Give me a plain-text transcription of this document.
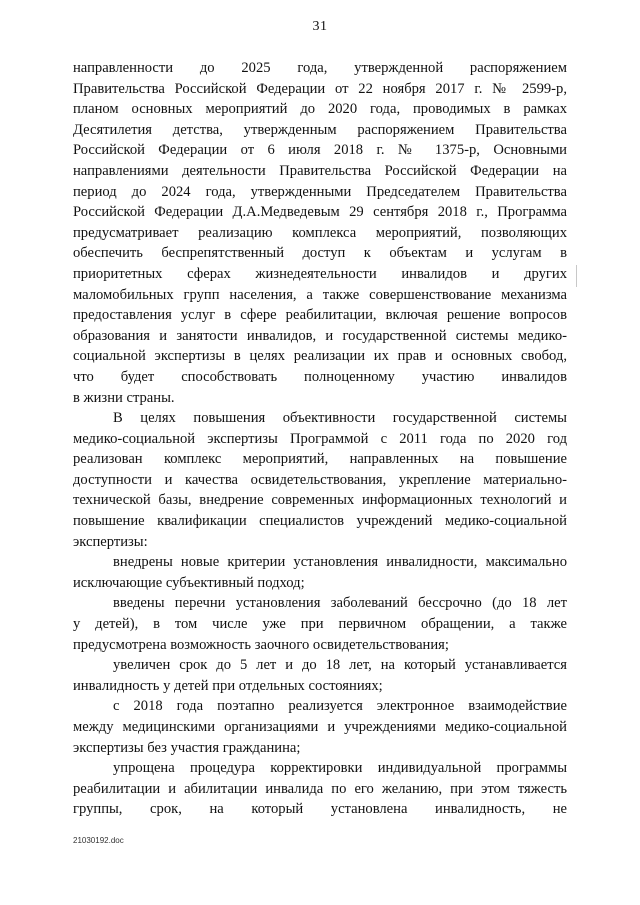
31
направленности до 2025 года, утвержденной распоряжением
Правительства Российской Федерации от 22 ноября 2017 г. № 2599-р,
планом основных мероприятий до 2020 года, проводимых в рамках
Десятилетия детства, утвержденным распоряжением Правительства
Российской Федерации от 6 июля 2018 г. № 1375-р, Основными
направлениями деятельности Правительства Российской Федерации на
период до 2024 года, утвержденными Председателем Правительства
Российской Федерации Д.А.Медведевым 29 сентября 2018 г., Программа
предусматривает реализацию комплекса мероприятий, позволяющих
обеспечить беспрепятственный доступ к объектам и услугам в
приоритетных сферах жизнедеятельности инвалидов и других
маломобильных групп населения, а также совершенствование механизма
предоставления услуг в сфере реабилитации, включая решение вопросов
образования и занятости инвалидов, и государственной системы медико-
социальной экспертизы в целях реализации их прав и основных свобод,
что будет способствовать полноценному участию инвалидов
в жизни страны.
В целях повышения объективности государственной системы
медико-социальной экспертизы Программой с 2011 года по 2020 год
реализован комплекс мероприятий, направленных на повышение
доступности и качества освидетельствования, укрепление материально-
технической базы, внедрение современных информационных технологий и
повышение квалификации специалистов учреждений медико-социальной
экспертизы:
внедрены новые критерии установления инвалидности, максимально
исключающие субъективный подход;
введены перечни установления заболеваний бессрочно (до 18 лет
у детей), в том числе уже при первичном обращении, а также
предусмотрена возможность заочного освидетельствования;
увеличен срок до 5 лет и до 18 лет, на который устанавливается
инвалидность у детей при отдельных состояниях;
с 2018 года поэтапно реализуется электронное взаимодействие
между медицинскими организациями и учреждениями медико-социальной
экспертизы без участия гражданина;
упрощена процедура корректировки индивидуальной программы
реабилитации и абилитации инвалида по его желанию, при этом тяжесть
группы, срок, на который установлена инвалидность, не
21030192.doc
